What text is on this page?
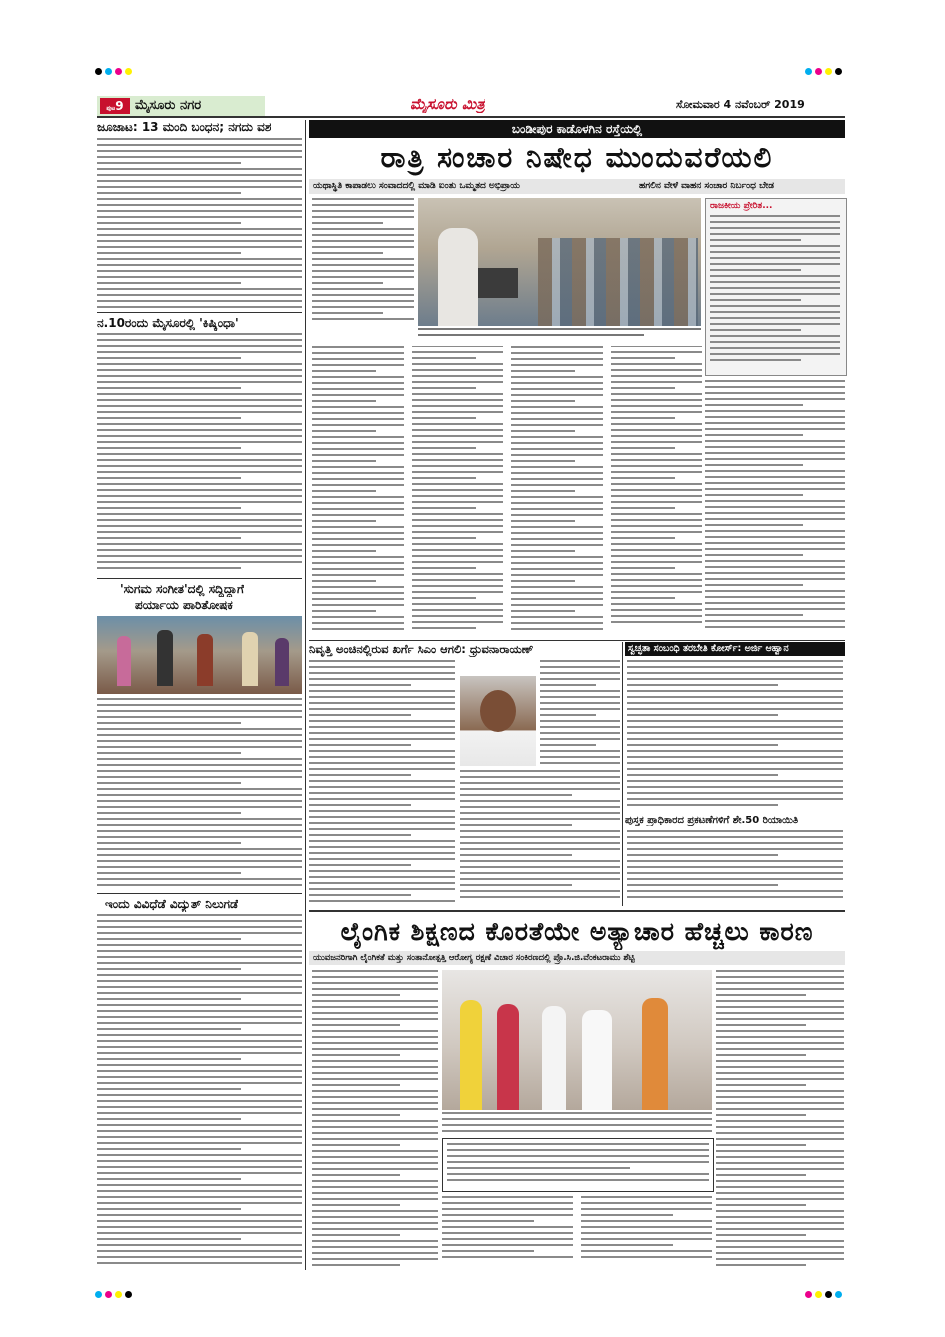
ಪುಟ9 ಮೈಸೂರು ನಗರ	ಮೈಸೂರು ಮಿತ್ರ	ಸೋಮವಾರ 4 ನವೆಂಬರ್ 2019
ಜೂಜಾಟ: 13 ಮಂದಿ ಬಂಧನ; ನಗದು ವಶ
ನ.10ರಂದು ಮೈಸೂರಲ್ಲಿ 'ಕಿಷ್ಕಿಂಧಾ'
'ಸುಗಮ ಸಂಗೀತ'ದಲ್ಲಿ ಸದ್ದಿದ್ದಾಗೆ
ಪರ್ಯಾಯ ಪಾರಿತೋಷಕ
ಇಂದು ವಿವಿಧೆಡೆ ವಿದ್ಯುತ್ ನಿಲುಗಡೆ
ಬಂಡೀಪುರ ಕಾಡೊಳಗಿನ ರಸ್ತೆಯಲ್ಲಿ
ರಾತ್ರಿ ಸಂಚಾರ ನಿಷೇಧ ಮುಂದುವರೆಯಲಿ
ಯಥಾಸ್ಥಿತಿ ಕಾಪಾಡಲು ಸಂವಾದದಲ್ಲಿ ಮಾಡಿ ಐಂತು ಒಮ್ಮತದ ಅಭಿಪ್ರಾಯ	ಹಗಲಿನ ವೇಳೆ ವಾಹನ ಸಂಚಾರ ನಿರ್ಬಂಧ ಬೇಡ
ರಾಜಕೀಯ ಪ್ರೇರಿತ...
ನಿವೃತ್ತಿ ಅಂಚಿನಲ್ಲಿರುವ ಖರ್ಗೆ ಸಿಎಂ ಆಗಲಿ: ಧ್ರುವನಾರಾಯಣ್	ಸ್ವಚ್ಛತಾ ಸಂಬಂಧಿ ತರಬೇತಿ ಕೋರ್ಸ್: ಅರ್ಜಿ ಆಹ್ವಾನ
ಪುಸ್ತಕ ಪ್ರಾಧಿಕಾರದ ಪ್ರಕಟಣೆಗಳಿಗೆ ಶೇ.50 ರಿಯಾಯಿತಿ
ಲೈಂಗಿಕ ಶಿಕ್ಷಣದ ಕೊರತೆಯೇ ಅತ್ಯಾಚಾರ ಹೆಚ್ಚಲು ಕಾರಣ
ಯುವಜನರಿಗಾಗಿ ಲೈಂಗಿಕತೆ ಮತ್ತು ಸಂತಾನೋತ್ಪತ್ತಿ ಆರೋಗ್ಯ ರಕ್ಷಣೆ ವಿಚಾರ ಸಂಕಿರಣದಲ್ಲಿ ಪ್ರೊ.ಸಿ.ಜಿ.ವೆಂಕಟರಾಮು ಶೆಟ್ಟಿ
